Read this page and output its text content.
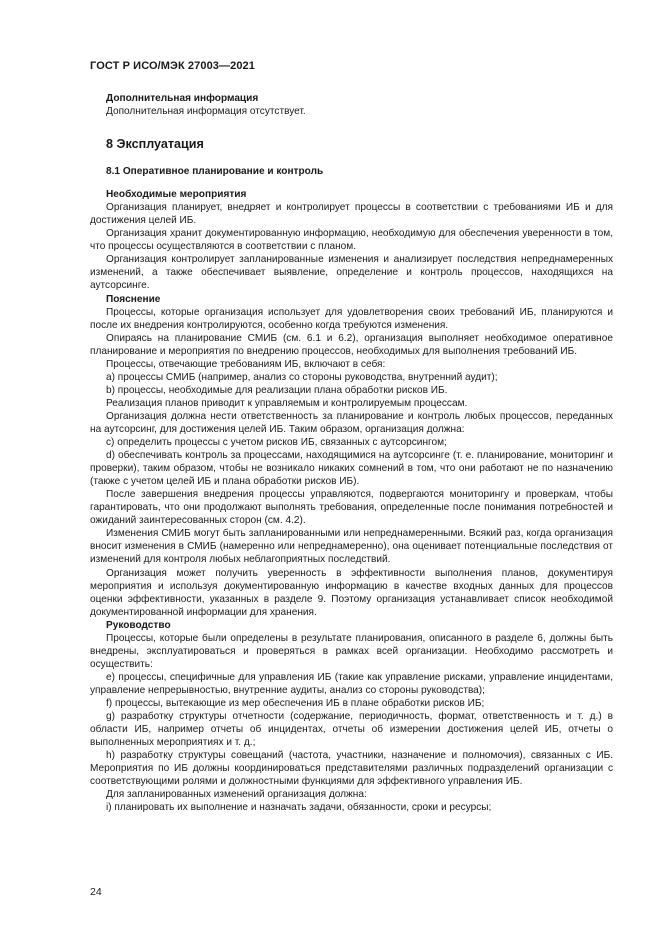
ГОСТ Р ИСО/МЭК 27003—2021
Дополнительная информация

Дополнительная информация отсутствует.

8 Эксплуатация
8.1 Оперативное планирование и контроль
Необходимые мероприятия

Организация планирует, внедряет и контролирует процессы в соответствии с требованиями ИБ и для достижения целей ИБ.

Организация хранит документированную информацию, необходимую для обеспечения уверенности в том, что процессы осуществляются в соответствии с планом.

Организация контролирует запланированные изменения и анализирует последствия непреднамеренных изменений, а также обеспечивает выявление, определение и контроль процессов, находящихся на аутсорсинге.

Пояснение

Процессы, которые организация использует для удовлетворения своих требований ИБ, планируются и после их внедрения контролируются, особенно когда требуются изменения.

Опираясь на планирование СМИБ (см. 6.1 и 6.2), организация выполняет необходимое оперативное планирование и мероприятия по внедрению процессов, необходимых для выполнения требований ИБ.

Процессы, отвечающие требованиям ИБ, включают в себя:

a) процессы СМИБ (например, анализ со стороны руководства, внутренний аудит);

b) процессы, необходимые для реализации плана обработки рисков ИБ.

Реализация планов приводит к управляемым и контролируемым процессам.

Организация должна нести ответственность за планирование и контроль любых процессов, переданных на аутсорсинг, для достижения целей ИБ. Таким образом, организация должна:

c) определить процессы с учетом рисков ИБ, связанных с аутсорсингом;

d) обеспечивать контроль за процессами, находящимися на аутсорсинге (т. е. планирование, мониторинг и проверки), таким образом, чтобы не возникало никаких сомнений в том, что они работают не по назначению (также с учетом целей ИБ и плана обработки рисков ИБ).

После завершения внедрения процессы управляются, подвергаются мониторингу и проверкам, чтобы гарантировать, что они продолжают выполнять требования, определенные после понимания потребностей и ожиданий заинтересованных сторон (см. 4.2).

Изменения СМИБ могут быть запланированными или непреднамеренными. Всякий раз, когда организация вносит изменения в СМИБ (намеренно или непреднамеренно), она оценивает потенциальные последствия от изменений для контроля любых неблагоприятных последствий.

Организация может получить уверенность в эффективности выполнения планов, документируя мероприятия и используя документированную информацию в качестве входных данных для процессов оценки эффективности, указанных в разделе 9. Поэтому организация устанавливает список необходимой документированной информации для хранения.

Руководство

Процессы, которые были определены в результате планирования, описанного в разделе 6, должны быть внедрены, эксплуатироваться и проверяться в рамках всей организации. Необходимо рассмотреть и осуществить:

e) процессы, специфичные для управления ИБ (такие как управление рисками, управление инцидентами, управление непрерывностью, внутренние аудиты, анализ со стороны руководства);

f) процессы, вытекающие из мер обеспечения ИБ в плане обработки рисков ИБ;

g) разработку структуры отчетности (содержание, периодичность, формат, ответственность и т. д.) в области ИБ, например отчеты об инцидентах, отчеты об измерении достижения целей ИБ, отчеты о выполненных мероприятиях и т. д.;

h) разработку структуры совещаний (частота, участники, назначение и полномочия), связанных с ИБ. Мероприятия по ИБ должны координироваться представителями различных подразделений организации с соответствующими ролями и должностными функциями для эффективного управления ИБ.

Для запланированных изменений организация должна:

i) планировать их выполнение и назначать задачи, обязанности, сроки и ресурсы;

24
